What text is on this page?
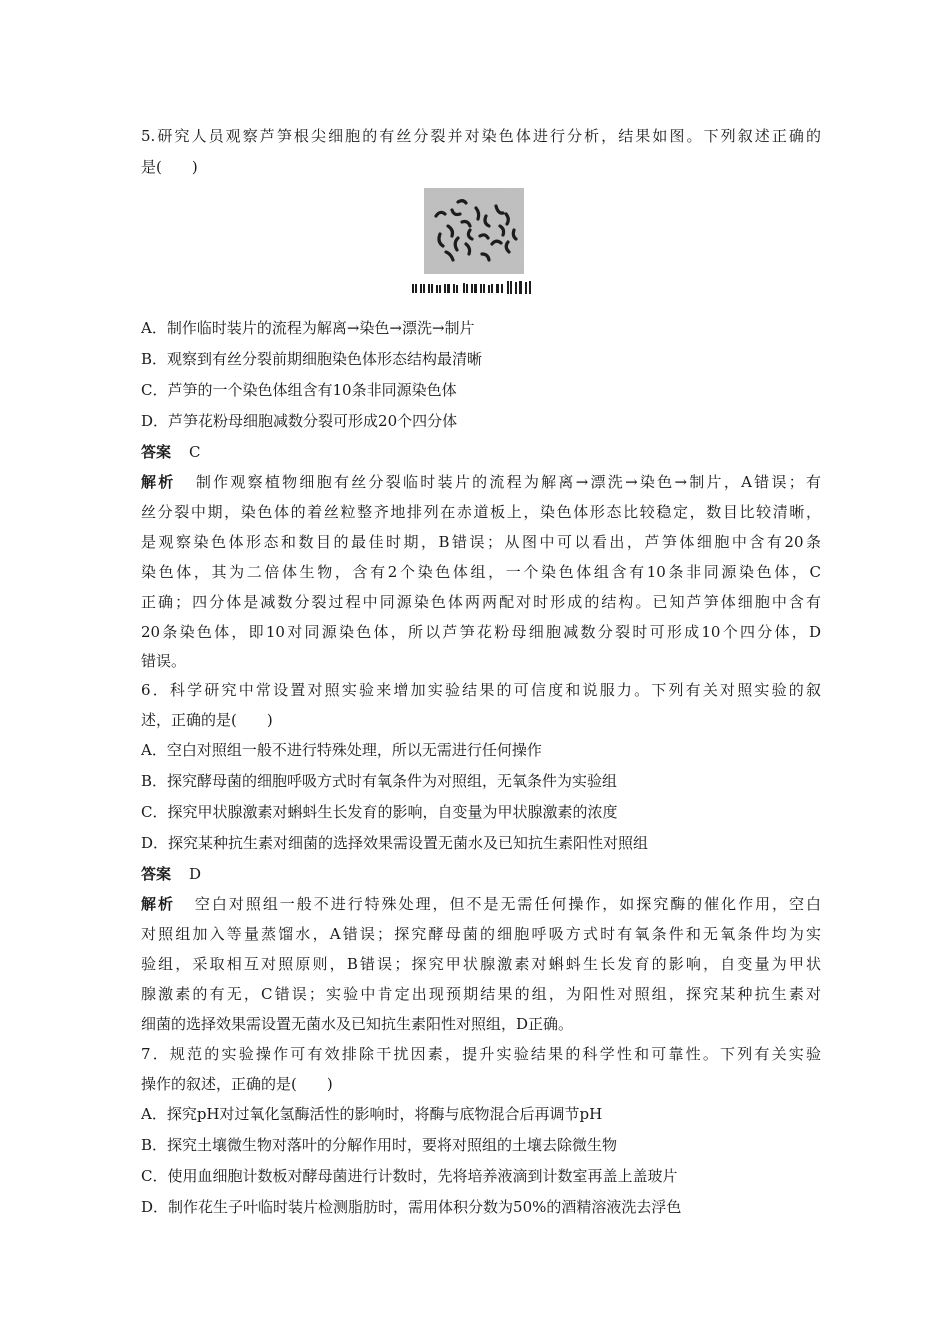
5.研究人员观察芦笋根尖细胞的有丝分裂并对染色体进行分析，结果如图。下列叙述正确的
是(　　)
A．制作临时装片的流程为解离→染色→漂洗→制片
B．观察到有丝分裂前期细胞染色体形态结构最清晰
C．芦笋的一个染色体组含有10条非同源染色体
D．芦笋花粉母细胞减数分裂可形成20个四分体
答案 C
解析 制作观察植物细胞有丝分裂临时装片的流程为解离→漂洗→染色→制片，A错误；有
丝分裂中期，染色体的着丝粒整齐地排列在赤道板上，染色体形态比较稳定，数目比较清晰，
是观察染色体形态和数目的最佳时期，B错误；从图中可以看出，芦笋体细胞中含有20条
染色体，其为二倍体生物，含有2个染色体组，一个染色体组含有10条非同源染色体，C
正确；四分体是减数分裂过程中同源染色体两两配对时形成的结构。已知芦笋体细胞中含有
20条染色体，即10对同源染色体，所以芦笋花粉母细胞减数分裂时可形成10个四分体，D
错误。
6．科学研究中常设置对照实验来增加实验结果的可信度和说服力。下列有关对照实验的叙
述，正确的是(　　)
A．空白对照组一般不进行特殊处理，所以无需进行任何操作
B．探究酵母菌的细胞呼吸方式时有氧条件为对照组，无氧条件为实验组
C．探究甲状腺激素对蝌蚪生长发育的影响，自变量为甲状腺激素的浓度
D．探究某种抗生素对细菌的选择效果需设置无菌水及已知抗生素阳性对照组
答案 D
解析 空白对照组一般不进行特殊处理，但不是无需任何操作，如探究酶的催化作用，空白
对照组加入等量蒸馏水，A错误；探究酵母菌的细胞呼吸方式时有氧条件和无氧条件均为实
验组，采取相互对照原则，B错误；探究甲状腺激素对蝌蚪生长发育的影响，自变量为甲状
腺激素的有无，C错误；实验中肯定出现预期结果的组，为阳性对照组，探究某种抗生素对
细菌的选择效果需设置无菌水及已知抗生素阳性对照组，D正确。
7．规范的实验操作可有效排除干扰因素，提升实验结果的科学性和可靠性。下列有关实验
操作的叙述，正确的是(　　)
A．探究pH对过氧化氢酶活性的影响时，将酶与底物混合后再调节pH
B．探究土壤微生物对落叶的分解作用时，要将对照组的土壤去除微生物
C．使用血细胞计数板对酵母菌进行计数时，先将培养液滴到计数室再盖上盖玻片
D．制作花生子叶临时装片检测脂肪时，需用体积分数为50%的酒精溶液洗去浮色
